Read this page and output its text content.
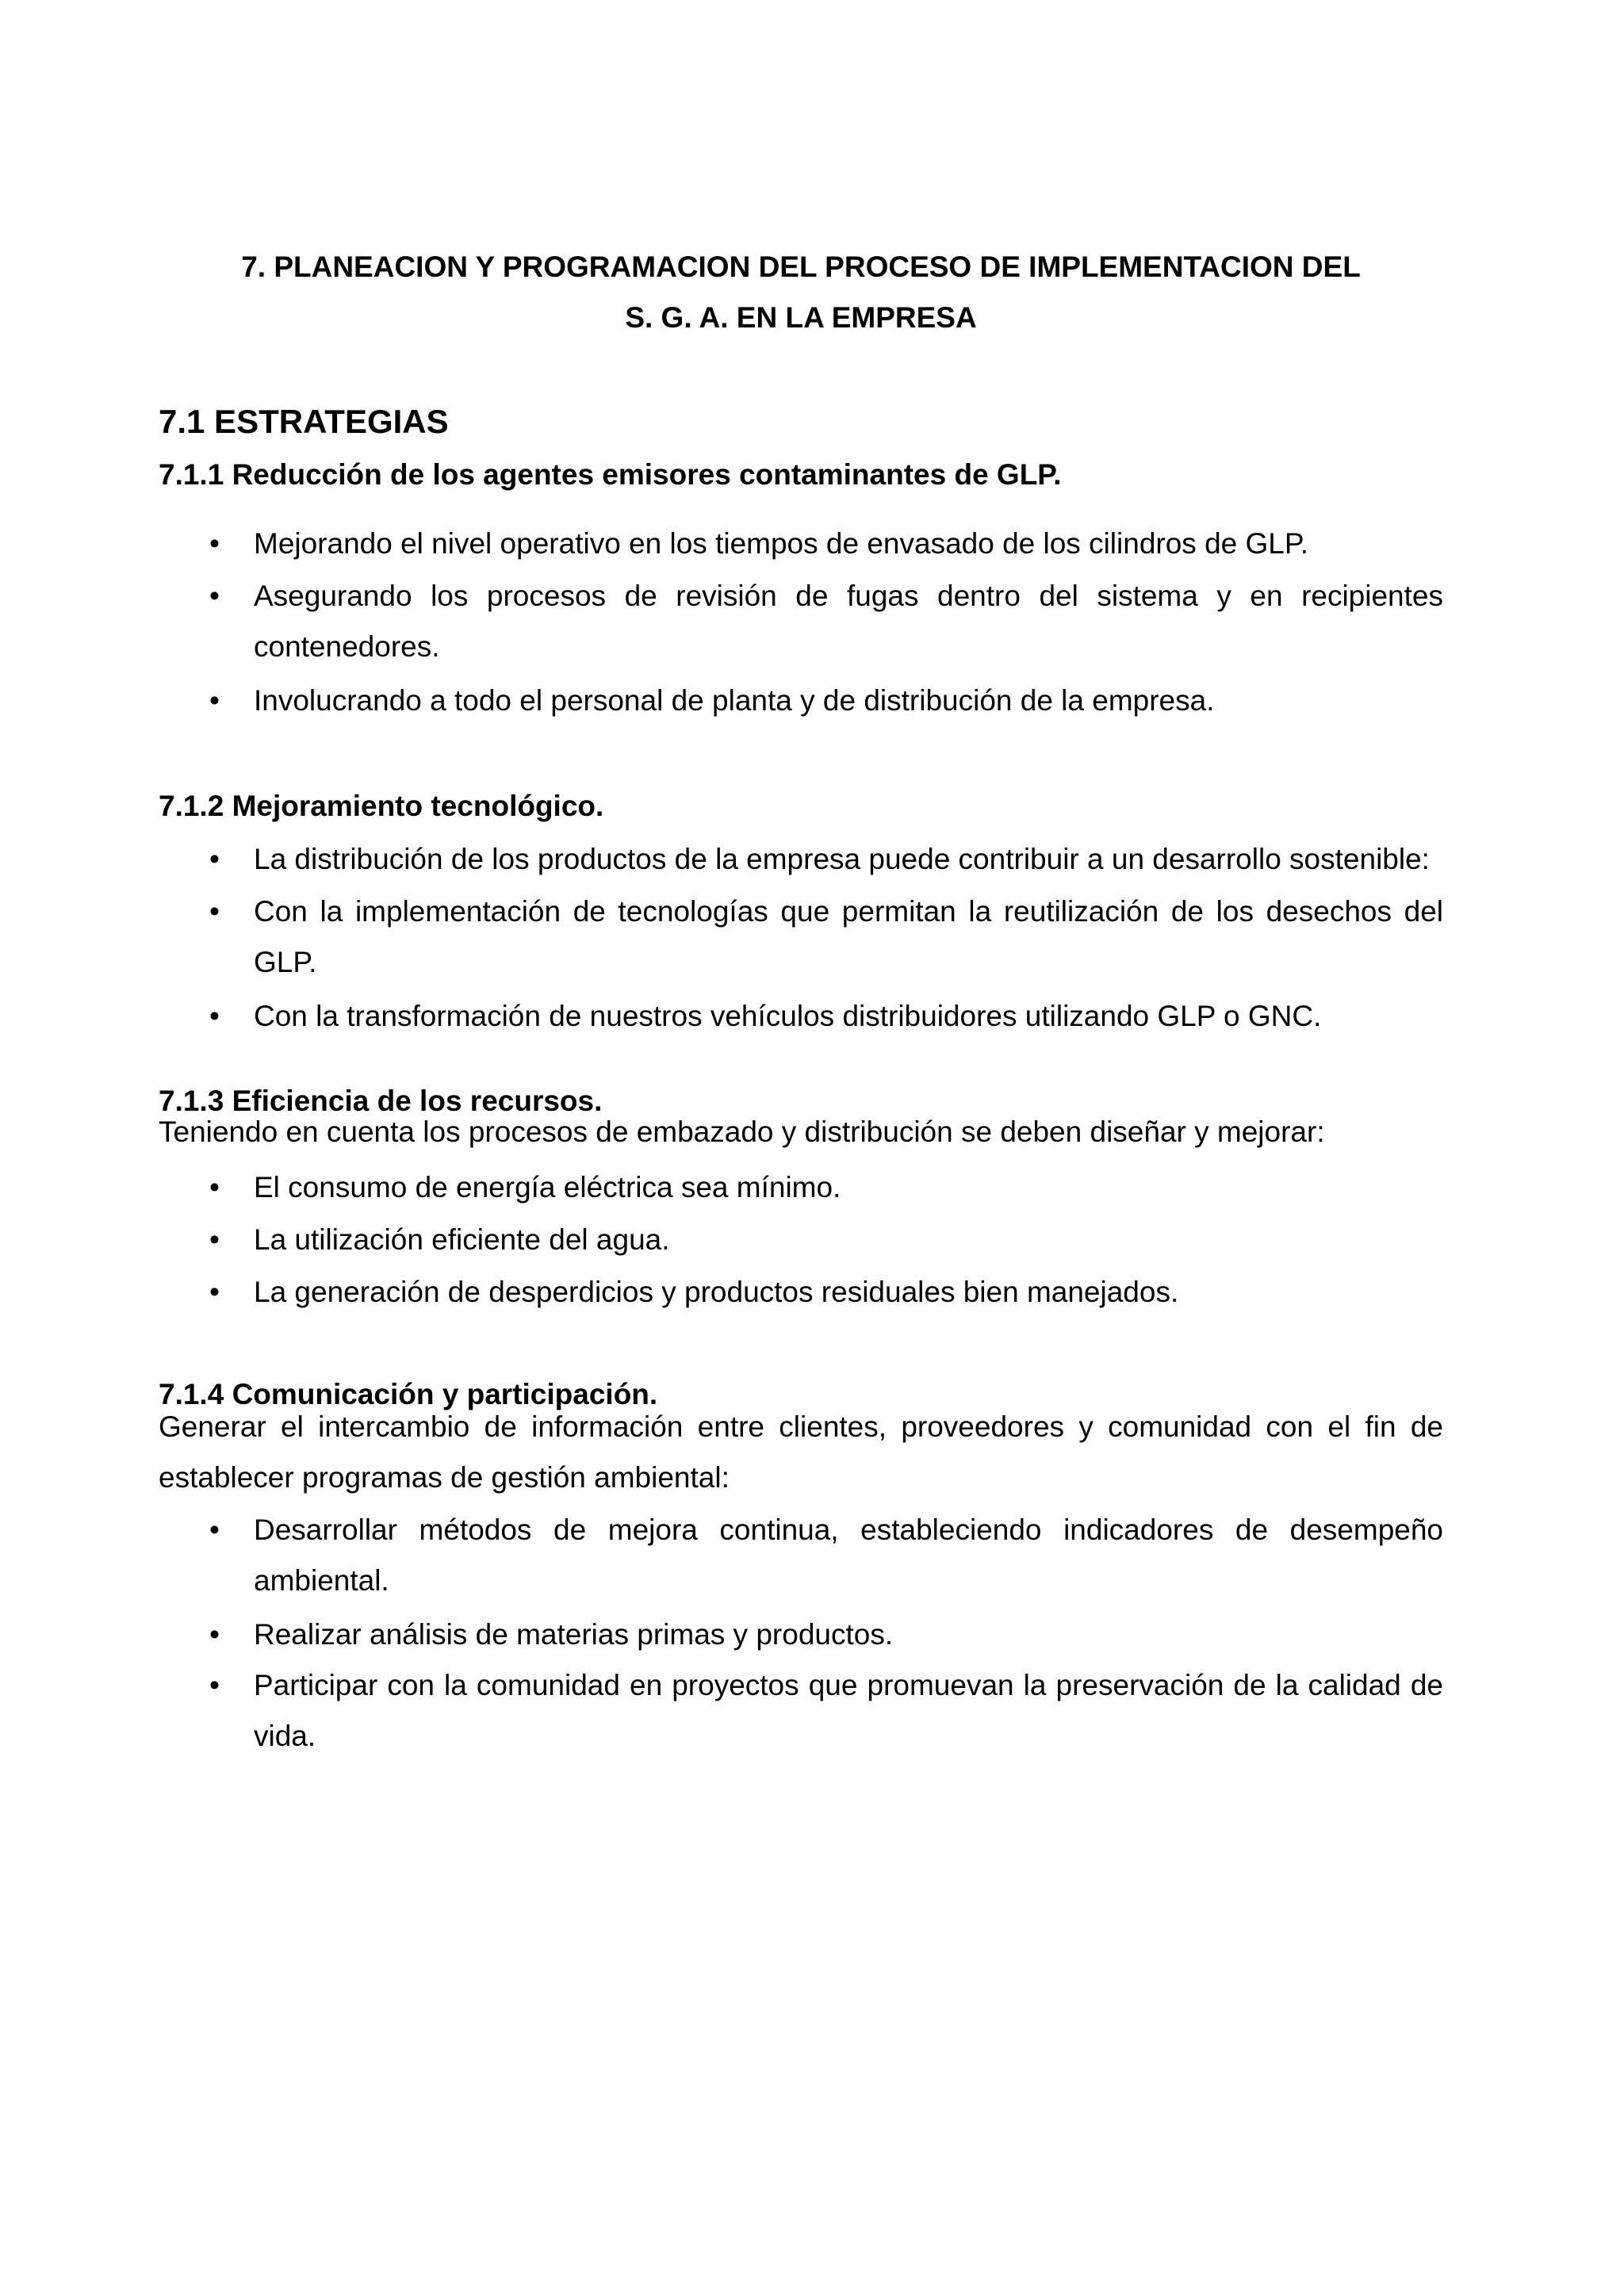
7. PLANEACION Y PROGRAMACION DEL PROCESO DE IMPLEMENTACION DEL
S. G. A. EN LA EMPRESA
7.1 ESTRATEGIAS
7.1.1 Reducción de los agentes emisores contaminantes de GLP.
• Mejorando el nivel operativo en los tiempos de envasado de los cilindros de GLP.
• Asegurando los procesos de revisión de fugas dentro del sistema y en recipientes contenedores.
• Involucrando a todo el personal de planta y de distribución de la empresa.
7.1.2 Mejoramiento tecnológico.
• La distribución de los productos de la empresa puede contribuir a un desarrollo sostenible:
• Con la implementación de tecnologías que permitan la reutilización de los desechos del GLP.
• Con la transformación de nuestros vehículos distribuidores utilizando GLP o GNC.
7.1.3 Eficiencia de los recursos.
Teniendo en cuenta los procesos de embazado y distribución se deben diseñar y mejorar:
• El consumo de energía eléctrica sea mínimo.
• La utilización eficiente del agua.
• La generación de desperdicios y productos residuales bien manejados.
7.1.4 Comunicación y participación.
Generar el intercambio de información entre clientes, proveedores y comunidad con el fin de establecer programas de gestión ambiental:
• Desarrollar métodos de mejora continua, estableciendo indicadores de desempeño ambiental.
• Realizar análisis de materias primas y productos.
• Participar con la comunidad en proyectos que promuevan la preservación de la calidad de vida.
